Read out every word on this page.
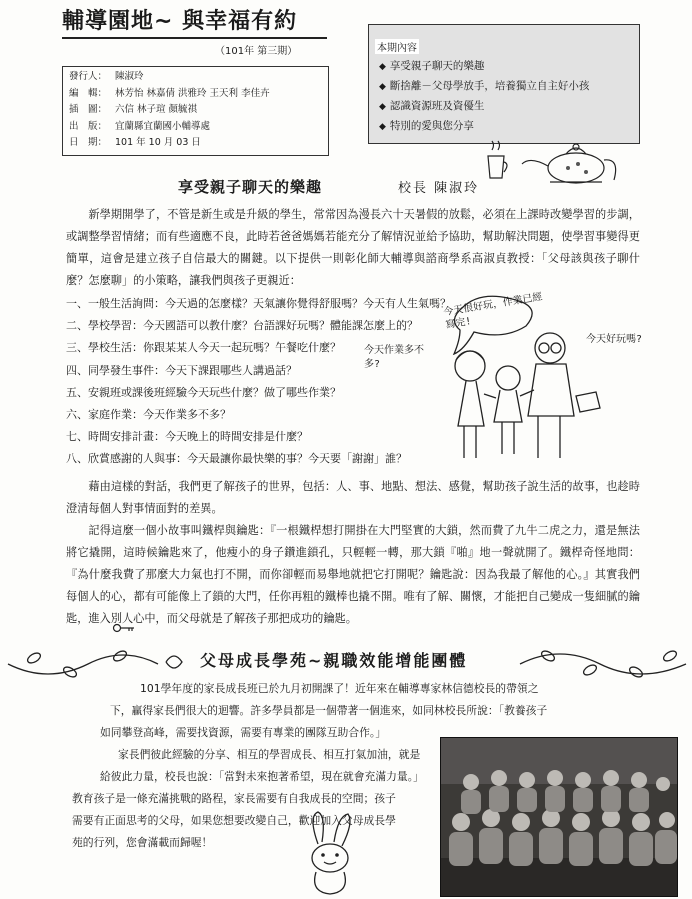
輔導園地~ 與幸福有約
（101年 第三期）
發行人： 陳淑玲
編　輯： 林芳怡 林嘉倩 洪雅玲 王天利 李佳卉
插　圖： 六信 林子瑄 顏毓祺
出　版： 宜蘭縣宜蘭國小輔導處
日　期： 101 年 10 月 03 日
本期內容
◆ 享受親子聊天的樂趣
◆ 斷捨離－父母學放手，培養獨立自主好小孩
◆ 認識資源班及資優生
◆ 特別的愛與您分享
享受親子聊天的樂趣	校長 陳淑玲
新學期開學了，不管是新生或是升級的學生，常常因為漫長六十天暑假的放鬆，必須在上課時改變學習的步調，或調整學習情緒；而有些適應不良，此時若爸爸媽媽若能充分了解情況並給予協助，幫助解決問題，使學習事變得更簡單，這會是建立孩子自信最大的關鍵。以下提供一則彰化師大輔導與諮商學系高淑貞教授：「父母該與孩子聊什麼？怎麼聊」的小策略，讓我們與孩子更親近：
一、一般生活詢問：今天過的怎麼樣？天氣讓你覺得舒服嗎？今天有人生氣嗎？
二、學校學習：今天國語可以教什麼？台語課好玩嗎？體能課怎麼上的？
三、學校生活：你跟某某人今天一起玩嗎？午餐吃什麼？
四、同學發生事件：今天下課跟哪些人講過話？
五、安親班或課後班經驗今天玩些什麼？做了哪些作業？
六、家庭作業：今天作業多不多？
七、時間安排計畫：今天晚上的時間安排是什麼？
八、欣賞感謝的人與事：今天最讓你最快樂的事？今天要「謝謝」誰？
今天很好玩，作業已經寫完!
今天作業多不多?
今天好玩嗎?
藉由這樣的對話，我們更了解孩子的世界，包括：人、事、地點、想法、感覺，幫助孩子說生活的故事，也趁時澄清每個人對事情面對的差異。
記得這麼一個小故事叫鐵桿與鑰匙：『一根鐵桿想打開掛在大門堅實的大鎖，然而費了九牛二虎之力，還是無法將它撬開，這時候鑰匙來了，他瘦小的身子鑽進鎖孔，只輕輕一轉，那大鎖『啪』地一聲就開了。鐵桿奇怪地問：『為什麼我費了那麼大力氣也打不開，而你卻輕而易舉地就把它打開呢？鑰匙說：因為我最了解他的心。』其實我們每個人的心，都有可能像上了鎖的大門，任你再粗的鐵棒也撬不開。唯有了解、關懷，才能把自己變成一隻細膩的鑰匙，進入別人心中，而父母就是了解孩子那把成功的鑰匙。
父母成長學苑~親職效能增能團體
101學年度的家長成長班已於九月初開課了！近年來在輔導專家林信德校長的帶領之
下，贏得家長們很大的迴響。許多學員都是一個帶著一個進來，如同林校長所說：「教養孩子
如同攀登高峰，需要找資源，需要有專業的團隊互助合作。」
家長們彼此經驗的分享、相互的學習成長、相互打氣加油，就是
給彼此力量，校長也說：「當對未來抱著希望，現在就會充滿力量。」
教育孩子是一條充滿挑戰的路程，家長需要有自我成長的空間；孩子
需要有正面思考的父母，如果您想要改變自己，歡迎加入父母成長學
苑的行列，您會滿載而歸喔！
